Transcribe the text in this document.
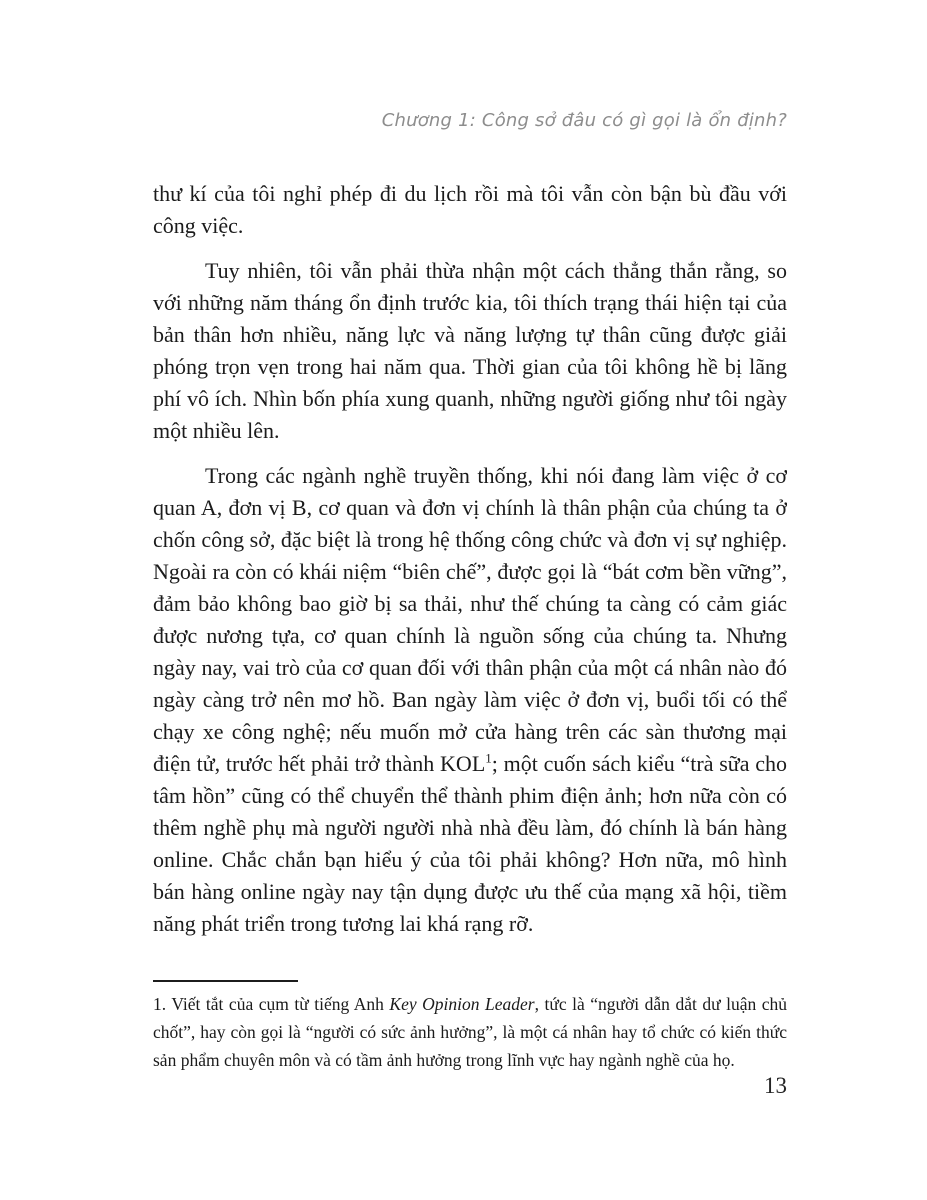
Chương 1: Công sở đâu có gì gọi là ổn định?

thư kí của tôi nghỉ phép đi du lịch rồi mà tôi vẫn còn bận bù đầu với công việc.

Tuy nhiên, tôi vẫn phải thừa nhận một cách thẳng thắn rằng, so với những năm tháng ổn định trước kia, tôi thích trạng thái hiện tại của bản thân hơn nhiều, năng lực và năng lượng tự thân cũng được giải phóng trọn vẹn trong hai năm qua. Thời gian của tôi không hề bị lãng phí vô ích. Nhìn bốn phía xung quanh, những người giống như tôi ngày một nhiều lên.

Trong các ngành nghề truyền thống, khi nói đang làm việc ở cơ quan A, đơn vị B, cơ quan và đơn vị chính là thân phận của chúng ta ở chốn công sở, đặc biệt là trong hệ thống công chức và đơn vị sự nghiệp. Ngoài ra còn có khái niệm “biên chế”, được gọi là “bát cơm bền vững”, đảm bảo không bao giờ bị sa thải, như thế chúng ta càng có cảm giác được nương tựa, cơ quan chính là nguồn sống của chúng ta. Nhưng ngày nay, vai trò của cơ quan đối với thân phận của một cá nhân nào đó ngày càng trở nên mơ hồ. Ban ngày làm việc ở đơn vị, buổi tối có thể chạy xe công nghệ; nếu muốn mở cửa hàng trên các sàn thương mại điện tử, trước hết phải trở thành KOL$^1$; một cuốn sách kiểu “trà sữa cho tâm hồn” cũng có thể chuyển thể thành phim điện ảnh; hơn nữa còn có thêm nghề phụ mà người người nhà nhà đều làm, đó chính là bán hàng online. Chắc chắn bạn hiểu ý của tôi phải không? Hơn nữa, mô hình bán hàng online ngày nay tận dụng được ưu thế của mạng xã hội, tiềm năng phát triển trong tương lai khá rạng rỡ.

1. Viết tắt của cụm từ tiếng Anh Key Opinion Leader, tức là “người dẫn dắt dư luận chủ chốt”, hay còn gọi là “người có sức ảnh hưởng”, là một cá nhân hay tổ chức có kiến thức sản phẩm chuyên môn và có tầm ảnh hưởng trong lĩnh vực hay ngành nghề của họ.

13
